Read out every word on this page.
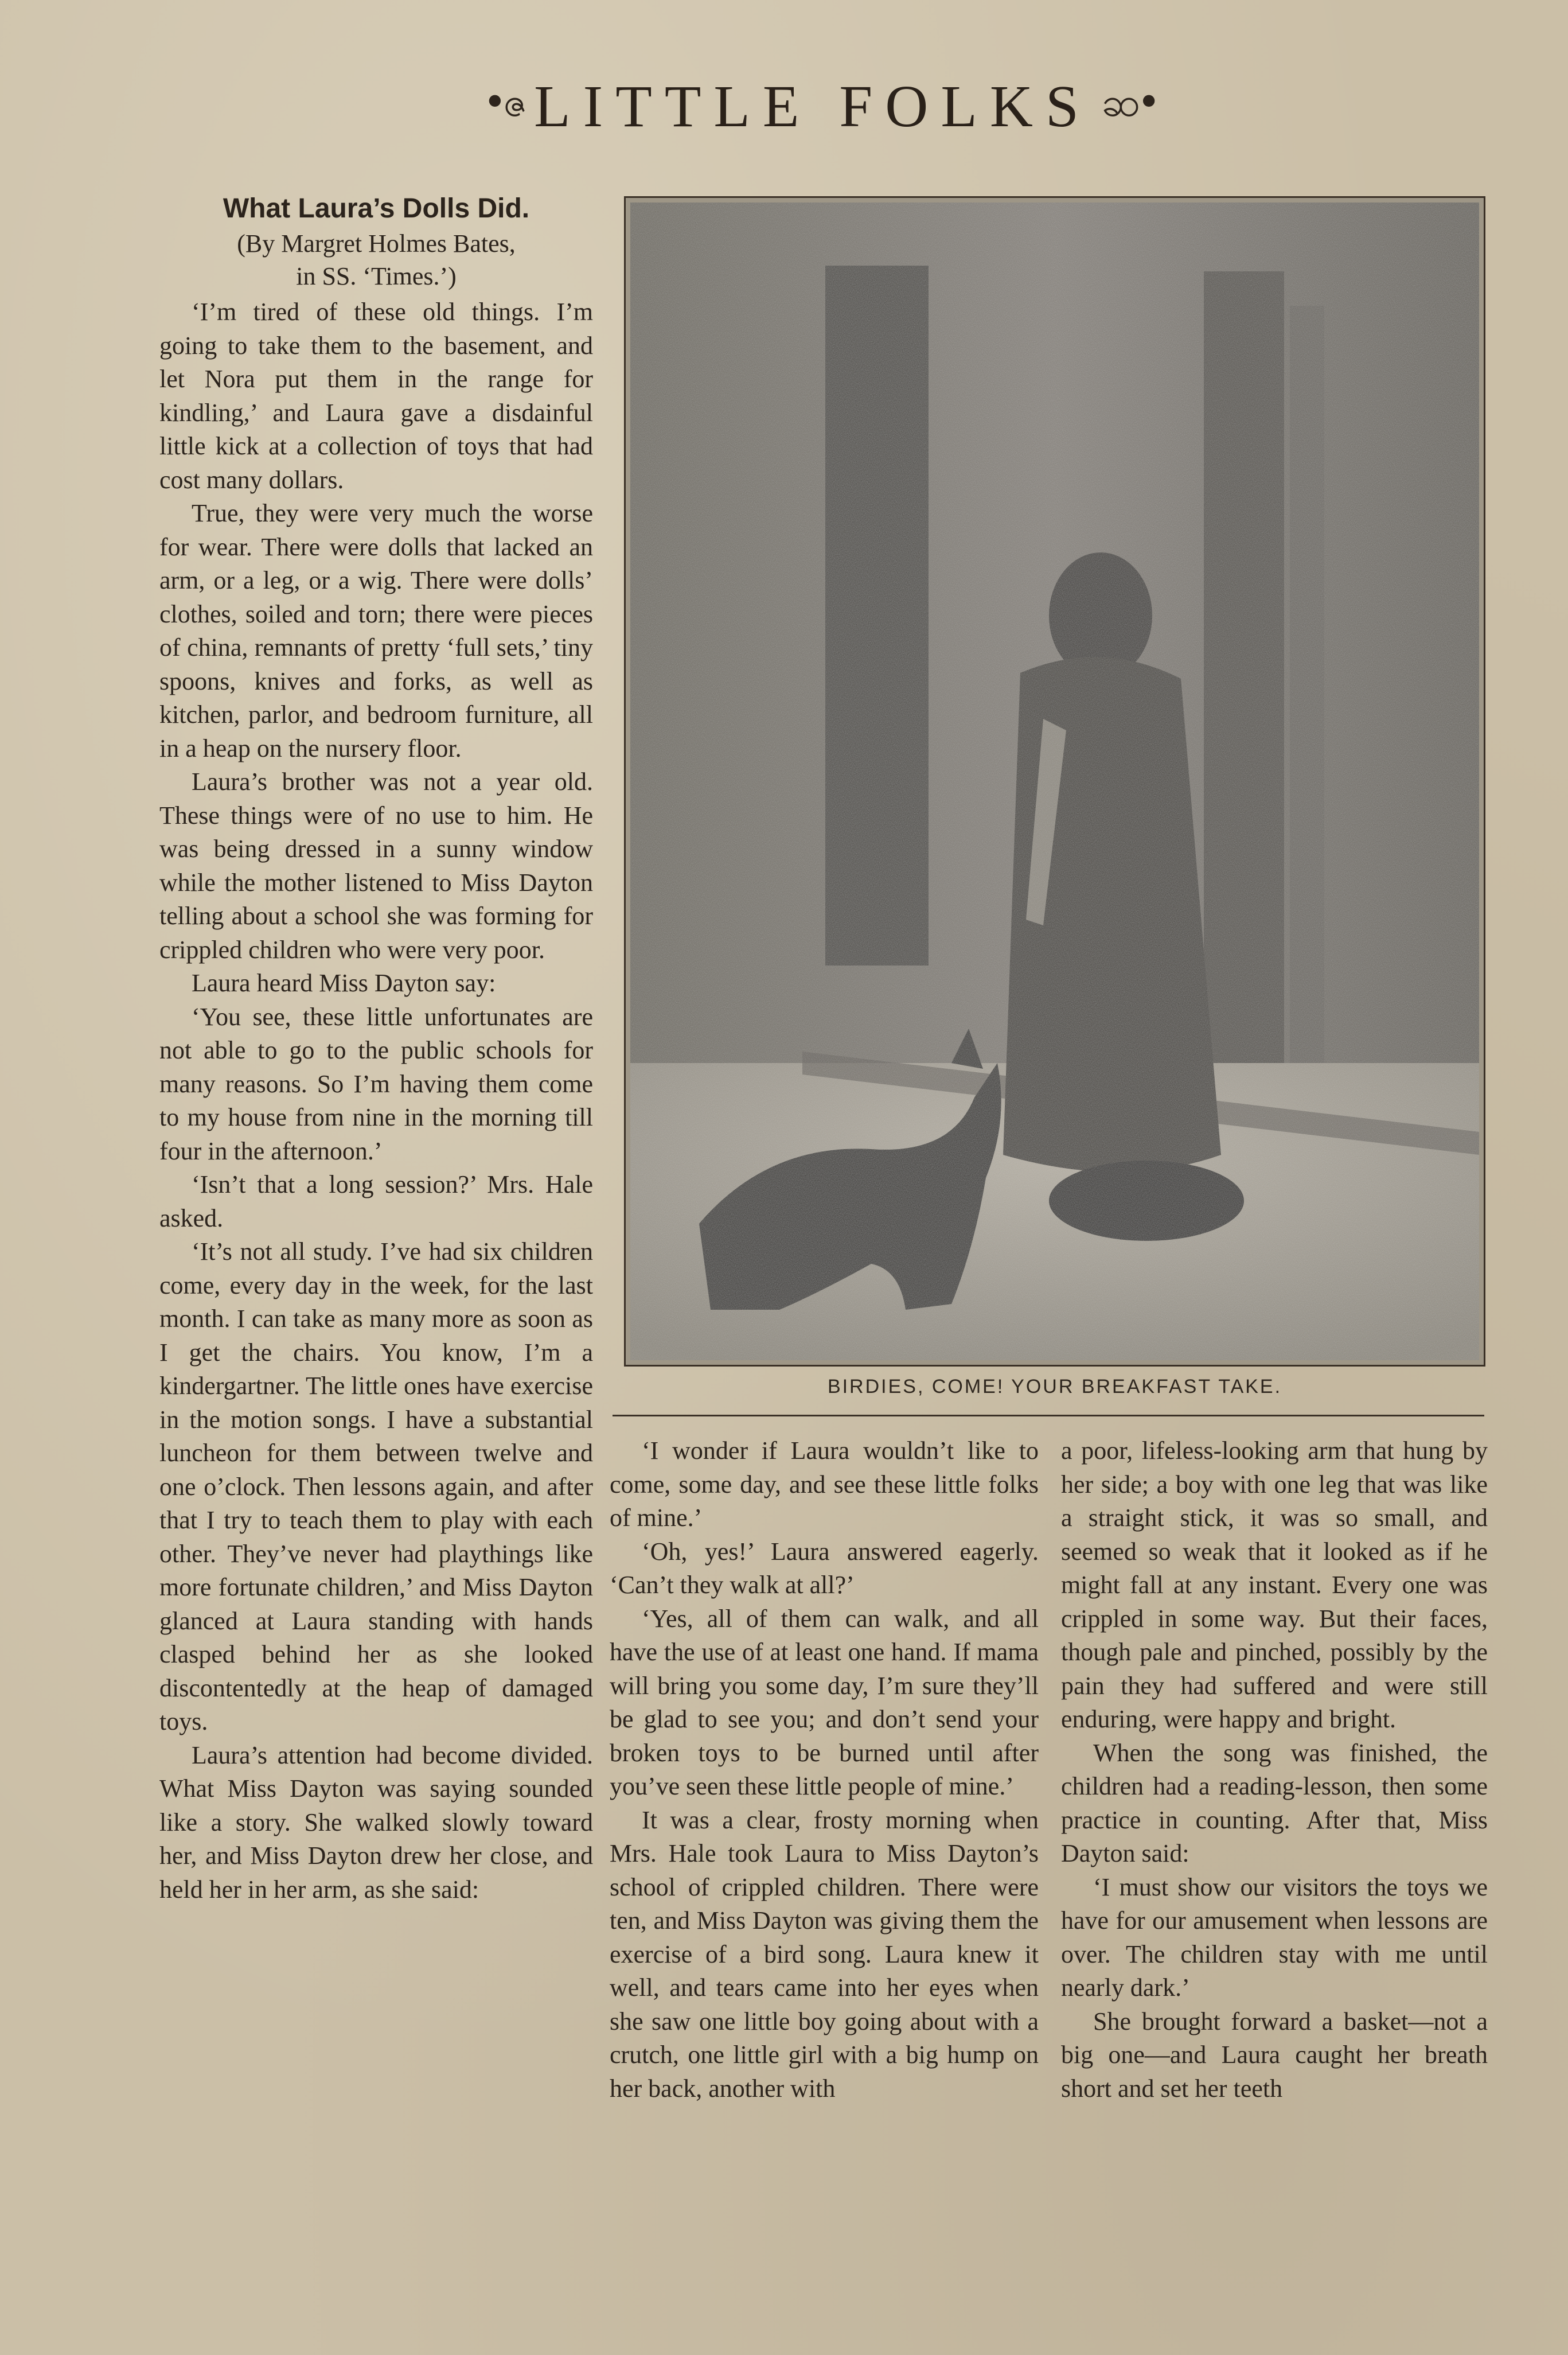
•ဇ LITTLE FOLKS ဆ•
What Laura’s Dolls Did.
(By Margret Holmes Bates,
in SS. ‘Times.’)

‘I’m tired of these old things. I’m going to take them to the basement, and let Nora put them in the range for kindling,’ and Laura gave a disdainful little kick at a collection of toys that had cost many dollars.

True, they were very much the worse for wear. There were dolls that lacked an arm, or a leg, or a wig. There were dolls’ clothes, soiled and torn; there were pieces of china, remnants of pretty ‘full sets,’ tiny spoons, knives and forks, as well as kitchen, parlor, and bedroom furniture, all in a heap on the nursery floor.

Laura’s brother was not a year old. These things were of no use to him. He was being dressed in a sunny window while the mother listened to Miss Dayton telling about a school she was forming for crippled children who were very poor.

Laura heard Miss Dayton say:

‘You see, these little unfortunates are not able to go to the public schools for many reasons. So I’m having them come to my house from nine in the morning till four in the afternoon.’

‘Isn’t that a long session?’ Mrs. Hale asked.

‘It’s not all study. I’ve had six children come, every day in the week, for the last month. I can take as many more as soon as I get the chairs. You know, I’m a kindergartner. The little ones have exercise in the motion songs. I have a substantial luncheon for them between twelve and one o’clock. Then lessons again, and after that I try to teach them to play with each other. They’ve never had playthings like more fortunate children,’ and Miss Dayton glanced at Laura standing with hands clasped behind her as she looked discontentedly at the heap of damaged toys.

Laura’s attention had become divided. What Miss Dayton was saying sounded like a story. She walked slowly toward her, and Miss Dayton drew her close, and held her in her arm, as she said:

BIRDIES, COME! YOUR BREAKFAST TAKE.

‘I wonder if Laura wouldn’t like to come, some day, and see these little folks of mine.’

‘Oh, yes!’ Laura answered eagerly. ‘Can’t they walk at all?’

‘Yes, all of them can walk, and all have the use of at least one hand. If mama will bring you some day, I’m sure they’ll be glad to see you; and don’t send your broken toys to be burned until after you’ve seen these little people of mine.’

It was a clear, frosty morning when Mrs. Hale took Laura to Miss Dayton’s school of crippled children. There were ten, and Miss Dayton was giving them the exercise of a bird song. Laura knew it well, and tears came into her eyes when she saw one little boy going about with a crutch, one little girl with a big hump on her back, another with

a poor, lifeless-looking arm that hung by her side; a boy with one leg that was like a straight stick, it was so small, and seemed so weak that it looked as if he might fall at any instant. Every one was crippled in some way. But their faces, though pale and pinched, possibly by the pain they had suffered and were still enduring, were happy and bright.

When the song was finished, the children had a reading-lesson, then some practice in counting. After that, Miss Dayton said:

‘I must show our visitors the toys we have for our amusement when lessons are over. The children stay with me until nearly dark.’

She brought forward a basket—not a big one—and Laura caught her breath short and set her teeth
